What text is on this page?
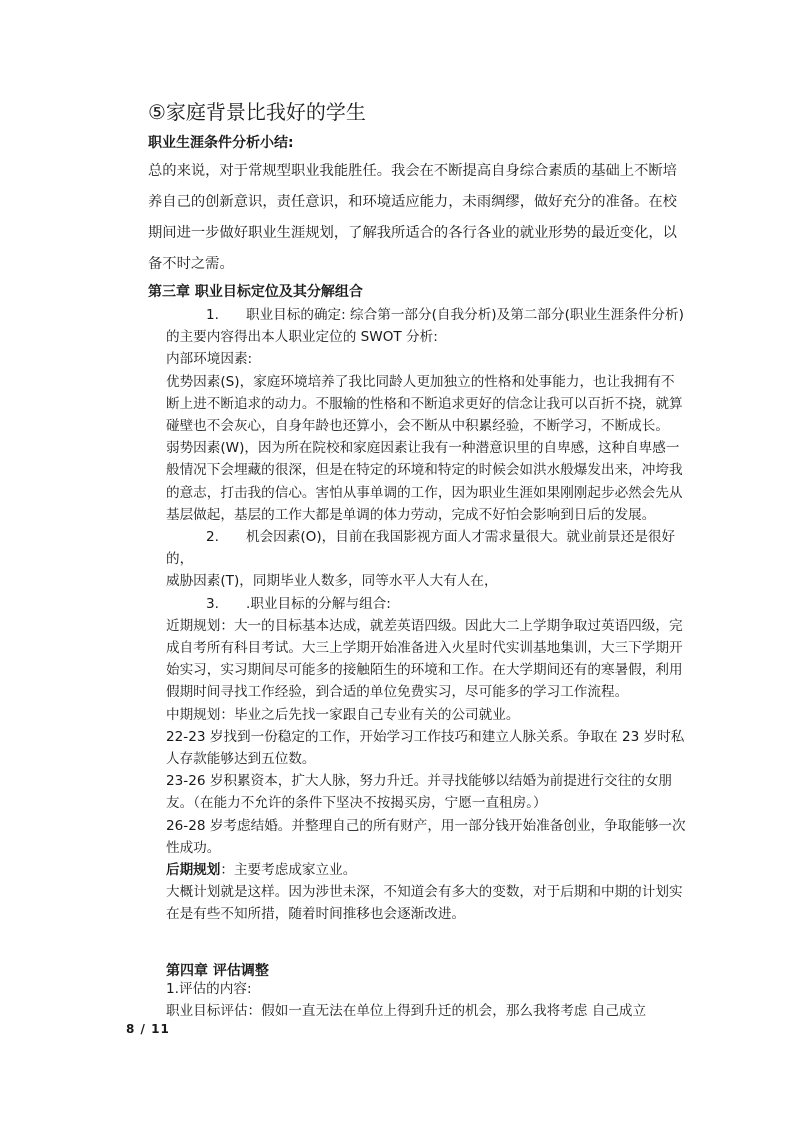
⑤家庭背景比我好的学生
职业生涯条件分析小结:
总的来说，对于常规型职业我能胜任。我会在不断提高自身综合素质的基础上不断培养自己的创新意识，责任意识，和环境适应能力，未雨绸缪，做好充分的准备。在校期间进一步做好职业生涯规划，了解我所适合的各行各业的就业形势的最近变化，以备不时之需。
第三章 职业目标定位及其分解组合

1. 职业目标的确定: 综合第一部分(自我分析)及第二部分(职业生涯条件分析)的主要内容得出本人职业定位的 SWOT 分析:

内部环境因素:

优势因素(S)，家庭环境培养了我比同龄人更加独立的性格和处事能力，也让我拥有不断上进不断追求的动力。不服输的性格和不断追求更好的信念让我可以百折不挠，就算碰壁也不会灰心，自身年龄也还算小，会不断从中积累经验，不断学习，不断成长。

弱势因素(W)，因为所在院校和家庭因素让我有一种潜意识里的自卑感，这种自卑感一般情况下会埋藏的很深，但是在特定的环境和特定的时候会如洪水般爆发出来，冲垮我的意志，打击我的信心。害怕从事单调的工作，因为职业生涯如果刚刚起步必然会先从基层做起，基层的工作大都是单调的体力劳动，完成不好怕会影响到日后的发展。

2. 机会因素(O)，目前在我国影视方面人才需求量很大。就业前景还是很好的，

威胁因素(T)，同期毕业人数多，同等水平人大有人在，

3. .职业目标的分解与组合:

近期规划：大一的目标基本达成，就差英语四级。因此大二上学期争取过英语四级，完成自考所有科目考试。大三上学期开始准备进入火星时代实训基地集训，大三下学期开始实习，实习期间尽可能多的接触陌生的环境和工作。在大学期间还有的寒暑假，利用假期时间寻找工作经验，到合适的单位免费实习，尽可能多的学习工作流程。

中期规划：毕业之后先找一家跟自己专业有关的公司就业。

22-23 岁找到一份稳定的工作，开始学习工作技巧和建立人脉关系。争取在 23 岁时私人存款能够达到五位数。

23-26 岁积累资本，扩大人脉，努力升迁。并寻找能够以结婚为前提进行交往的女朋友。（在能力不允许的条件下坚决不按揭买房，宁愿一直租房。）

26-28 岁考虑结婚。并整理自己的所有财产，用一部分钱开始准备创业，争取能够一次性成功。

后期规划：主要考虑成家立业。

大概计划就是这样。因为涉世未深，不知道会有多大的变数，对于后期和中期的计划实在是有些不知所措，随着时间推移也会逐渐改进。

第四章 评估调整

1.评估的内容:

职业目标评估：假如一直无法在单位上得到升迁的机会，那么我将考虑 自己成立

8 / 11
